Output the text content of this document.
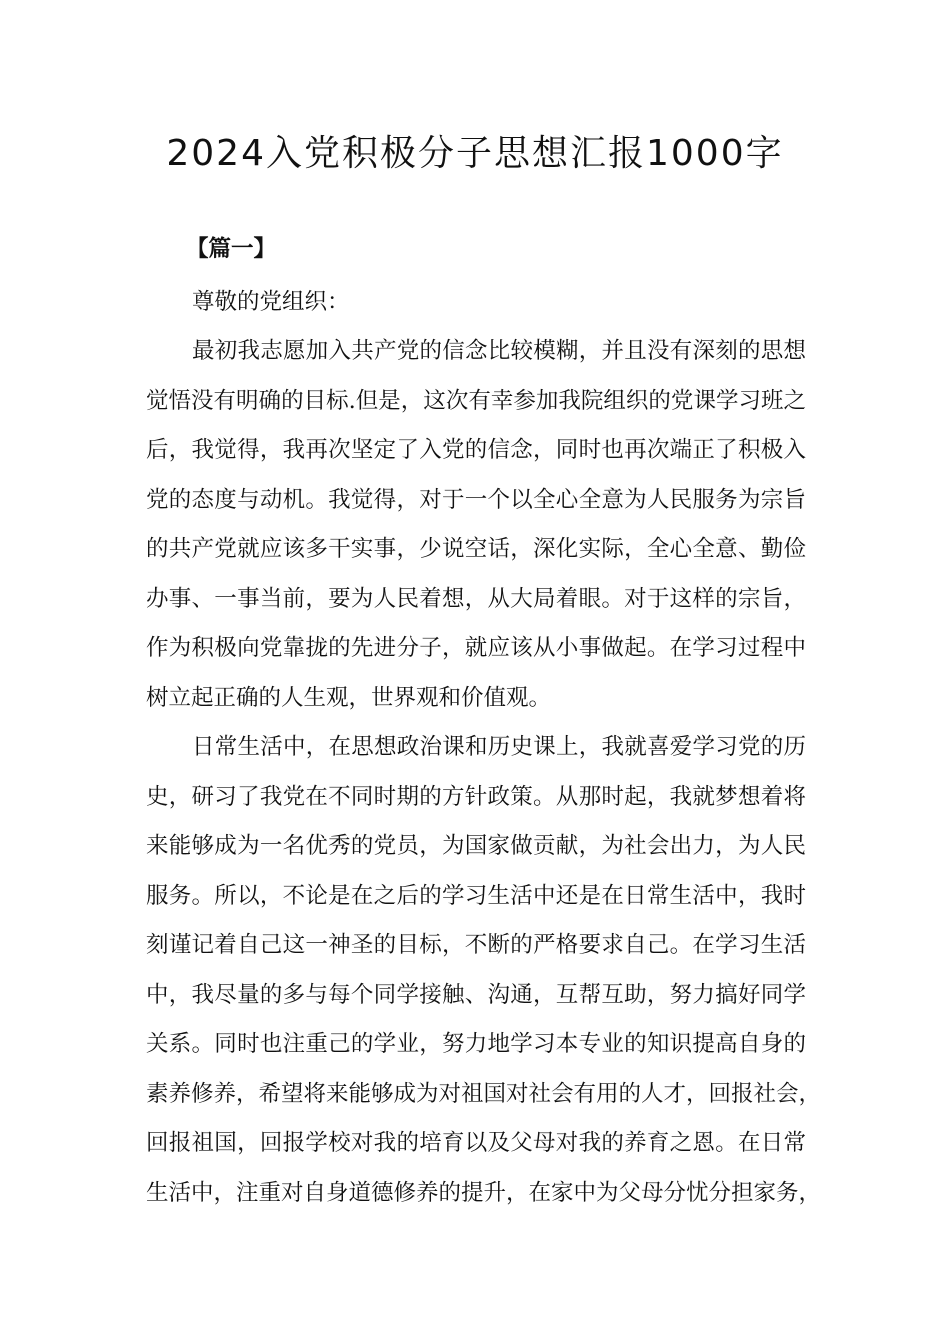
2024入党积极分子思想汇报1000字
【篇一】
尊敬的党组织：
最初我志愿加入共产党的信念比较模糊，并且没有深刻的思想
觉悟没有明确的目标.但是，这次有幸参加我院组织的党课学习班之
后，我觉得，我再次坚定了入党的信念，同时也再次端正了积极入
党的态度与动机。我觉得，对于一个以全心全意为人民服务为宗旨
的共产党就应该多干实事，少说空话，深化实际，全心全意、勤俭
办事、一事当前，要为人民着想，从大局着眼。对于这样的宗旨，
作为积极向党靠拢的先进分子，就应该从小事做起。在学习过程中
树立起正确的人生观，世界观和价值观。
日常生活中，在思想政治课和历史课上，我就喜爱学习党的历
史，研习了我党在不同时期的方针政策。从那时起，我就梦想着将
来能够成为一名优秀的党员，为国家做贡献，为社会出力，为人民
服务。所以，不论是在之后的学习生活中还是在日常生活中，我时
刻谨记着自己这一神圣的目标，不断的严格要求自己。在学习生活
中，我尽量的多与每个同学接触、沟通，互帮互助，努力搞好同学
关系。同时也注重己的学业，努力地学习本专业的知识提高自身的
素养修养，希望将来能够成为对祖国对社会有用的人才，回报社会，
回报祖国，回报学校对我的培育以及父母对我的养育之恩。在日常
生活中，注重对自身道德修养的提升，在家中为父母分忧分担家务，
